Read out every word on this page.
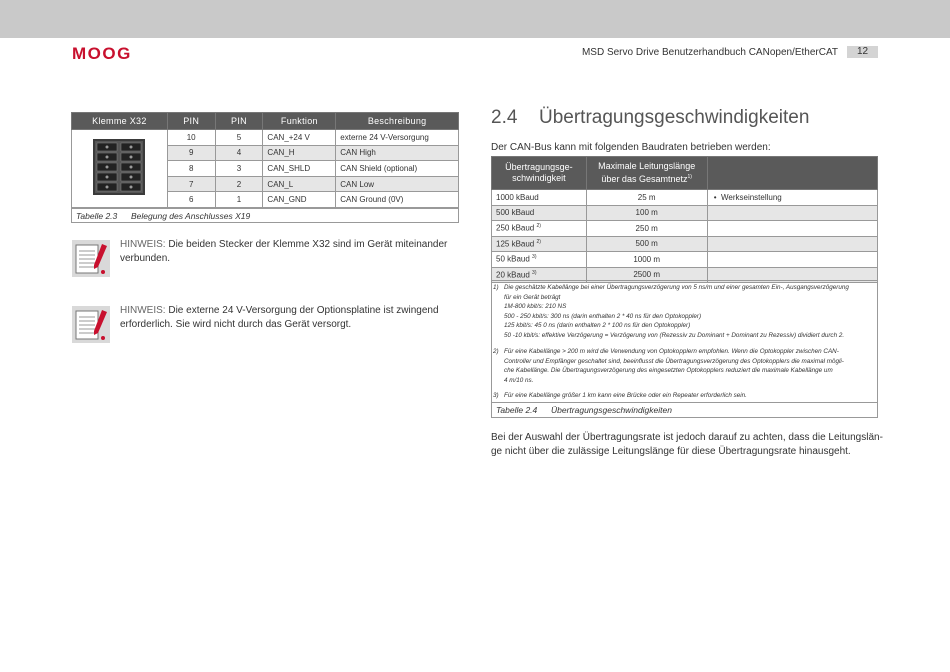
MOOG	MSD Servo Drive Benutzerhandbuch CANopen/EtherCAT	12
Klemme X32	PIN	PIN	Funktion	Beschreibung
	10	5	CAN_+24 V	externe 24 V-Versorgung
	9	4	CAN_H	CAN High
	8	3	CAN_SHLD	CAN Shield (optional)
	7	2	CAN_L	CAN Low
	6	1	CAN_GND	CAN Ground (0V)
Tabelle 2.3 Belegung des Anschlusses X19
HINWEIS: Die beiden Stecker der Klemme X32 sind im Gerät miteinander verbunden.
HINWEIS: Die externe 24 V-Versorgung der Optionsplatine ist zwingend erforderlich. Sie wird nicht durch das Gerät versorgt.
2.4 Übertragungsgeschwindigkeiten
Der CAN-Bus kann mit folgenden Baudraten betrieben werden:
Übertragungsge-
schwindigkeit	Maximale Leitungslänge
über das Gesamtnetz$^{1)}$	
1000 kBaud	25 m	•  Werkseinstellung
500 kBaud	100 m	
250 kBaud $^{2)}$	250 m	
125 kBaud $^{2)}$	500 m	
50 kBaud $^{3)}$	1000 m	
20 kBaud $^{3)}$	2500 m	
1) Die geschätzte Kabellänge bei einer Übertragungsverzögerung von 5 ns/m und einer gesamten Ein-, Ausgangsverzögerung
für ein Gerät beträgt
1M-800 kbit/s: 210 NS
500 - 250 kbit/s: 300 ns (darin enthalten 2 * 40 ns für den Optokoppler)
125 kbit/s: 45 0 ns (darin enthalten 2 * 100 ns für den Optokoppler)
50 -10 kbit/s: effektive Verzögerung = Verzögerung von (Rezessiv zu Dominant + Dominant zu Rezessiv) dividiert durch 2.
2) Für eine Kabellänge > 200 m wird die Verwendung von Optokopplern empfohlen. Wenn die Optokoppler zwischen CAN-
Controller und Empfänger geschaltet sind, beeinflusst die Übertragungsverzögerung des Optokopplers die maximal mögli-
che Kabellänge. Die Übertragungsverzögerung des eingesetzten Optokopplers reduziert die maximale Kabellänge um
4 m/10 ns.
3) Für eine Kabellänge größer 1 km kann eine Brücke oder ein Repeater erforderlich sein.
Tabelle 2.4 Übertragungsgeschwindigkeiten
Bei der Auswahl der Übertragungsrate ist jedoch darauf zu achten, dass die Leitungslän-
ge nicht über die zulässige Leitungslänge für diese Übertragungsrate hinausgeht.
